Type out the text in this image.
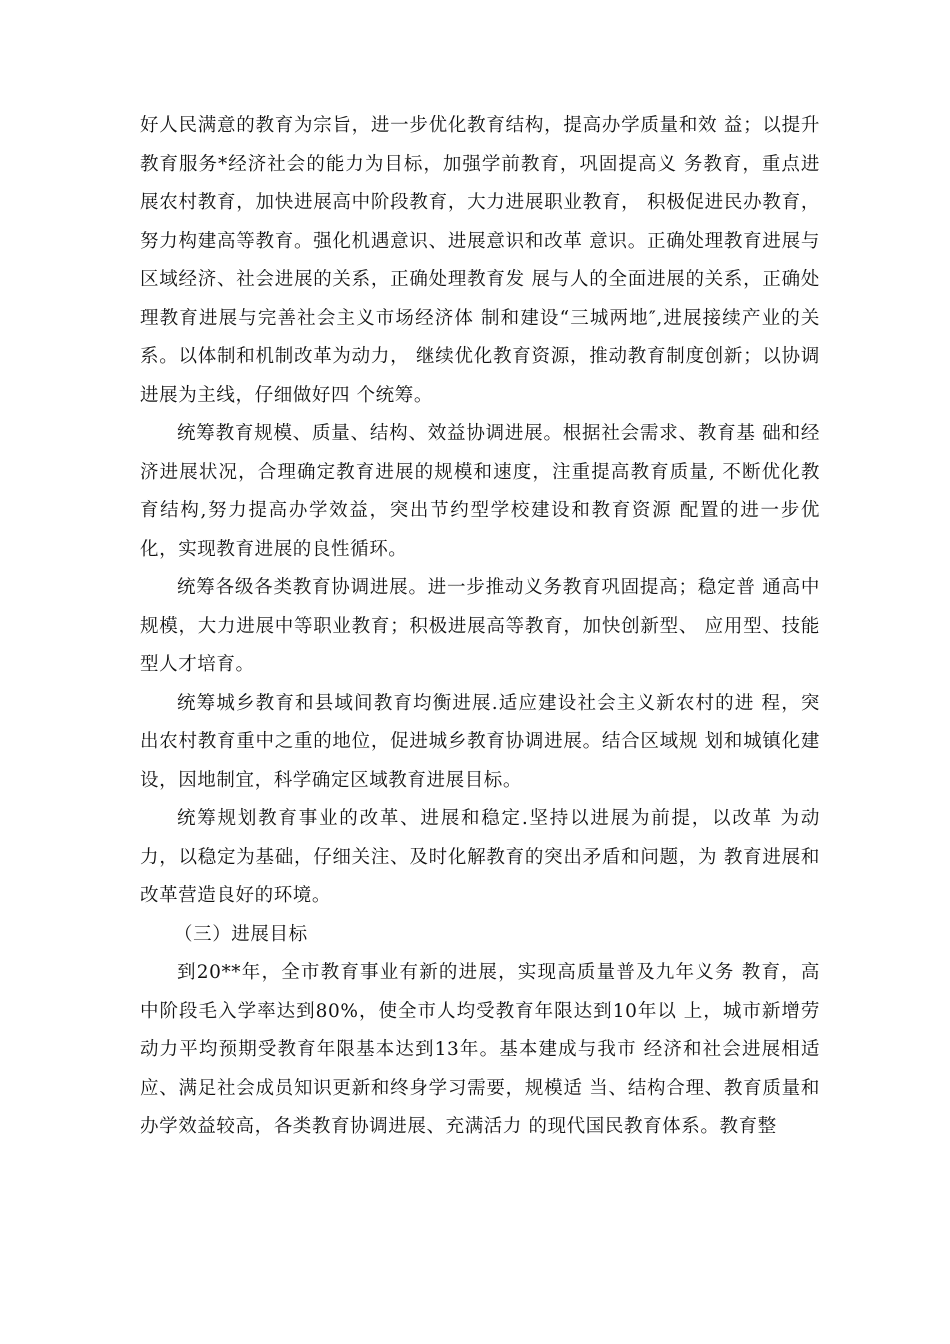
好人民满意的教育为宗旨，进一步优化教育结构，提高办学质量和效 益；以提升教育服务*经济社会的能力为目标，加强学前教育，巩固提高义 务教育，重点进展农村教育，加快进展高中阶段教育，大力进展职业教育， 积极促进民办教育，努力构建高等教育。强化机遇意识、进展意识和改革 意识。正确处理教育进展与区域经济、社会进展的关系，正确处理教育发 展与人的全面进展的关系，正确处理教育进展与完善社会主义市场经济体 制和建设“三城两地″,进展接续产业的关系。以体制和机制改革为动力， 继续优化教育资源，推动教育制度创新；以协调进展为主线，仔细做好四 个统筹。

统筹教育规模、质量、结构、效益协调进展。根据社会需求、教育基 础和经济进展状况，合理确定教育进展的规模和速度，注重提高教育质量, 不断优化教育结构,努力提高办学效益，突出节约型学校建设和教育资源 配置的进一步优化，实现教育进展的良性循环。

统筹各级各类教育协调进展。进一步推动义务教育巩固提高；稳定普 通高中规模，大力进展中等职业教育；积极进展高等教育，加快创新型、 应用型、技能型人才培育。

统筹城乡教育和县域间教育均衡进展.适应建设社会主义新农村的进 程，突出农村教育重中之重的地位，促进城乡教育协调进展。结合区域规 划和城镇化建设，因地制宜，科学确定区域教育进展目标。

统筹规划教育事业的改革、进展和稳定.坚持以进展为前提，以改革 为动力，以稳定为基础，仔细关注、及时化解教育的突出矛盾和问题，为 教育进展和改革营造良好的环境。

（三）进展目标

到20**年，全市教育事业有新的进展，实现高质量普及九年义务 教育，高中阶段毛入学率达到80%，使全市人均受教育年限达到10年以 上，城市新增劳动力平均预期受教育年限基本达到13年。基本建成与我市 经济和社会进展相适应、满足社会成员知识更新和终身学习需要，规模适 当、结构合理、教育质量和办学效益较高，各类教育协调进展、充满活力 的现代国民教育体系。教育整
